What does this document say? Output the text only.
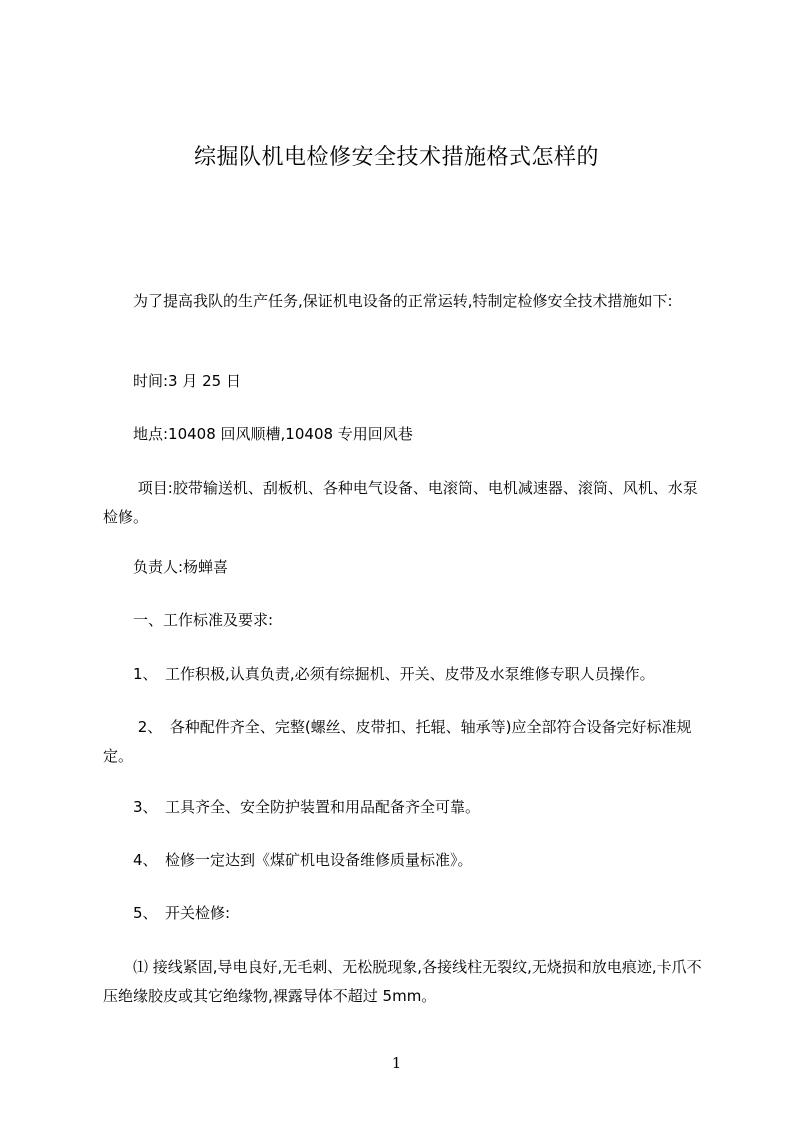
综掘队机电检修安全技术措施格式怎样的
　　为了提高我队的生产任务,保证机电设备的正常运转,特制定检修安全技术措施如下:
　　时间:3 月 25 日
　　地点:10408 回风顺槽,10408 专用回风巷
　　 项目:胶带输送机、刮板机、各种电气设备、电滚筒、电机减速器、滚筒、风机、水泵检修。
　　负责人:杨蝉喜
　　一、工作标准及要求:
　　1、　工作积极,认真负责,必须有综掘机、开关、皮带及水泵维修专职人员操作。
　　 2、　各种配件齐全、完整(螺丝、皮带扣、托辊、轴承等)应全部符合设备完好标准规定。
　　3、　工具齐全、安全防护装置和用品配备齐全可靠。
　　4、　检修一定达到《煤矿机电设备维修质量标准》。
　　5、　开关检修:
　　⑴ 接线紧固,导电良好,无毛刺、无松脱现象,各接线柱无裂纹,无烧损和放电痕迹,卡爪不压绝缘胶皮或其它绝缘物,裸露导体不超过 5mm。
1
